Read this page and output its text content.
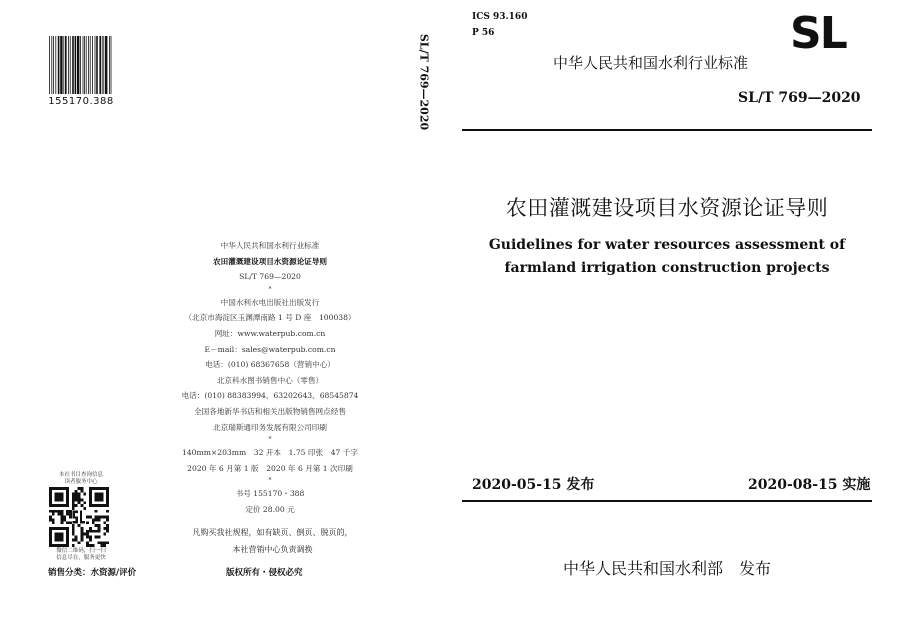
155170.388
中华人民共和国水利行业标准
农田灌溉建设项目水资源论证导则
SL/T 769—2020
*
中国水利水电出版社出版发行
（北京市海淀区玉渊潭南路 1 号 D 座　100038）
网址：www.waterpub.com.cn
E－mail：sales@waterpub.com.cn
电话：(010) 68367658（营销中心）
北京科水图书销售中心（零售）
电话：(010) 88383994、63202643、68545874
全国各地新华书店和相关出版物销售网点经售
北京瑞斯通印务发展有限公司印刷
*
140mm×203mm　32 开本　1.75 印张　47 千字
2020 年 6 月第 1 版　2020 年 6 月第 1 次印刷
*
书号 155170・388
定价 28.00 元
本社书目查询信息
读者服务中心
微信二维码，扫一扫
信息尽在，服务更快
凡购买我社规程，如有缺页、倒页、脱页的，
本社营销中心负责调换
销售分类：水资源/评价	版权所有・侵权必究
SL/T 769—2020
ICS 93.160
P 56	SL
中华人民共和国水利行业标准
SL/T 769—2020
农田灌溉建设项目水资源论证导则
Guidelines for water resources assessment of
farmland irrigation construction projects
2020-05-15 发布	2020-08-15 实施
中华人民共和国水利部　发布
